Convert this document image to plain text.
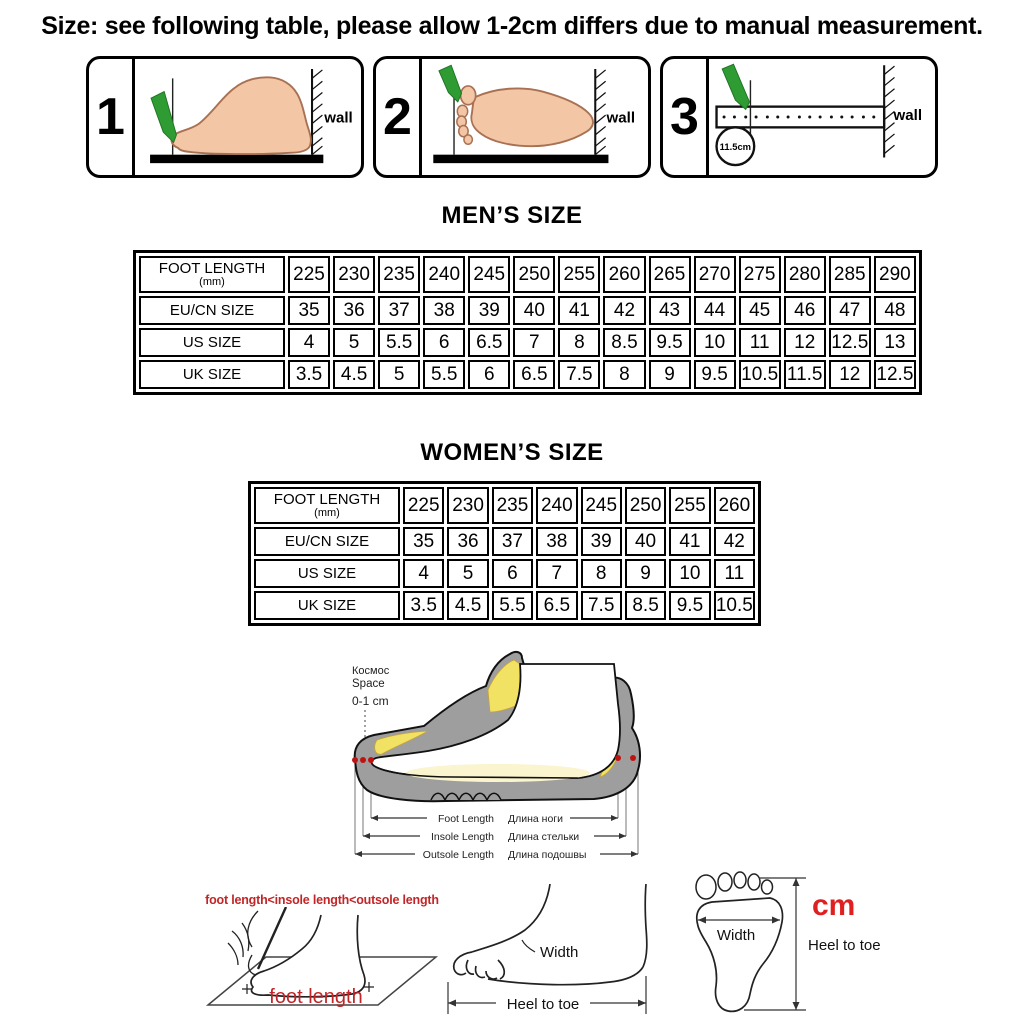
Size: see following table, please allow 1-2cm differs due to manual measurement.
1	wall 2	wall 3
11.5cm
wall
MEN’S SIZE
FOOT LENGTH
(mm)	225	230	235	240	245	250	255	260	265	270	275	280	285	290
EU/CN SIZE	35	36	37	38	39	40	41	42	43	44	45	46	47	48
US SIZE	4	5	5.5	6	6.5	7	8	8.5	9.5	10	11	12	12.5	13
UK SIZE	3.5	4.5	5	5.5	6	6.5	7.5	8	9	9.5	10.5	11.5	12	12.5
WOMEN’S SIZE
FOOT LENGTH
(mm)	225	230	235	240	245	250	255	260
EU/CN SIZE	35	36	37	38	39	40	41	42
US SIZE	4	5	6	7	8	9	10	11
UK SIZE	3.5	4.5	5.5	6.5	7.5	8.5	9.5	10.5
Космос
Space
0-1 cm
Foot Length Длина ноги
Insole Length Длина стельки
Outsole Length Длина подошвы
foot length<insole length<outsole length
foot length
Width
Heel to toe
Width
cm
Heel to toe
